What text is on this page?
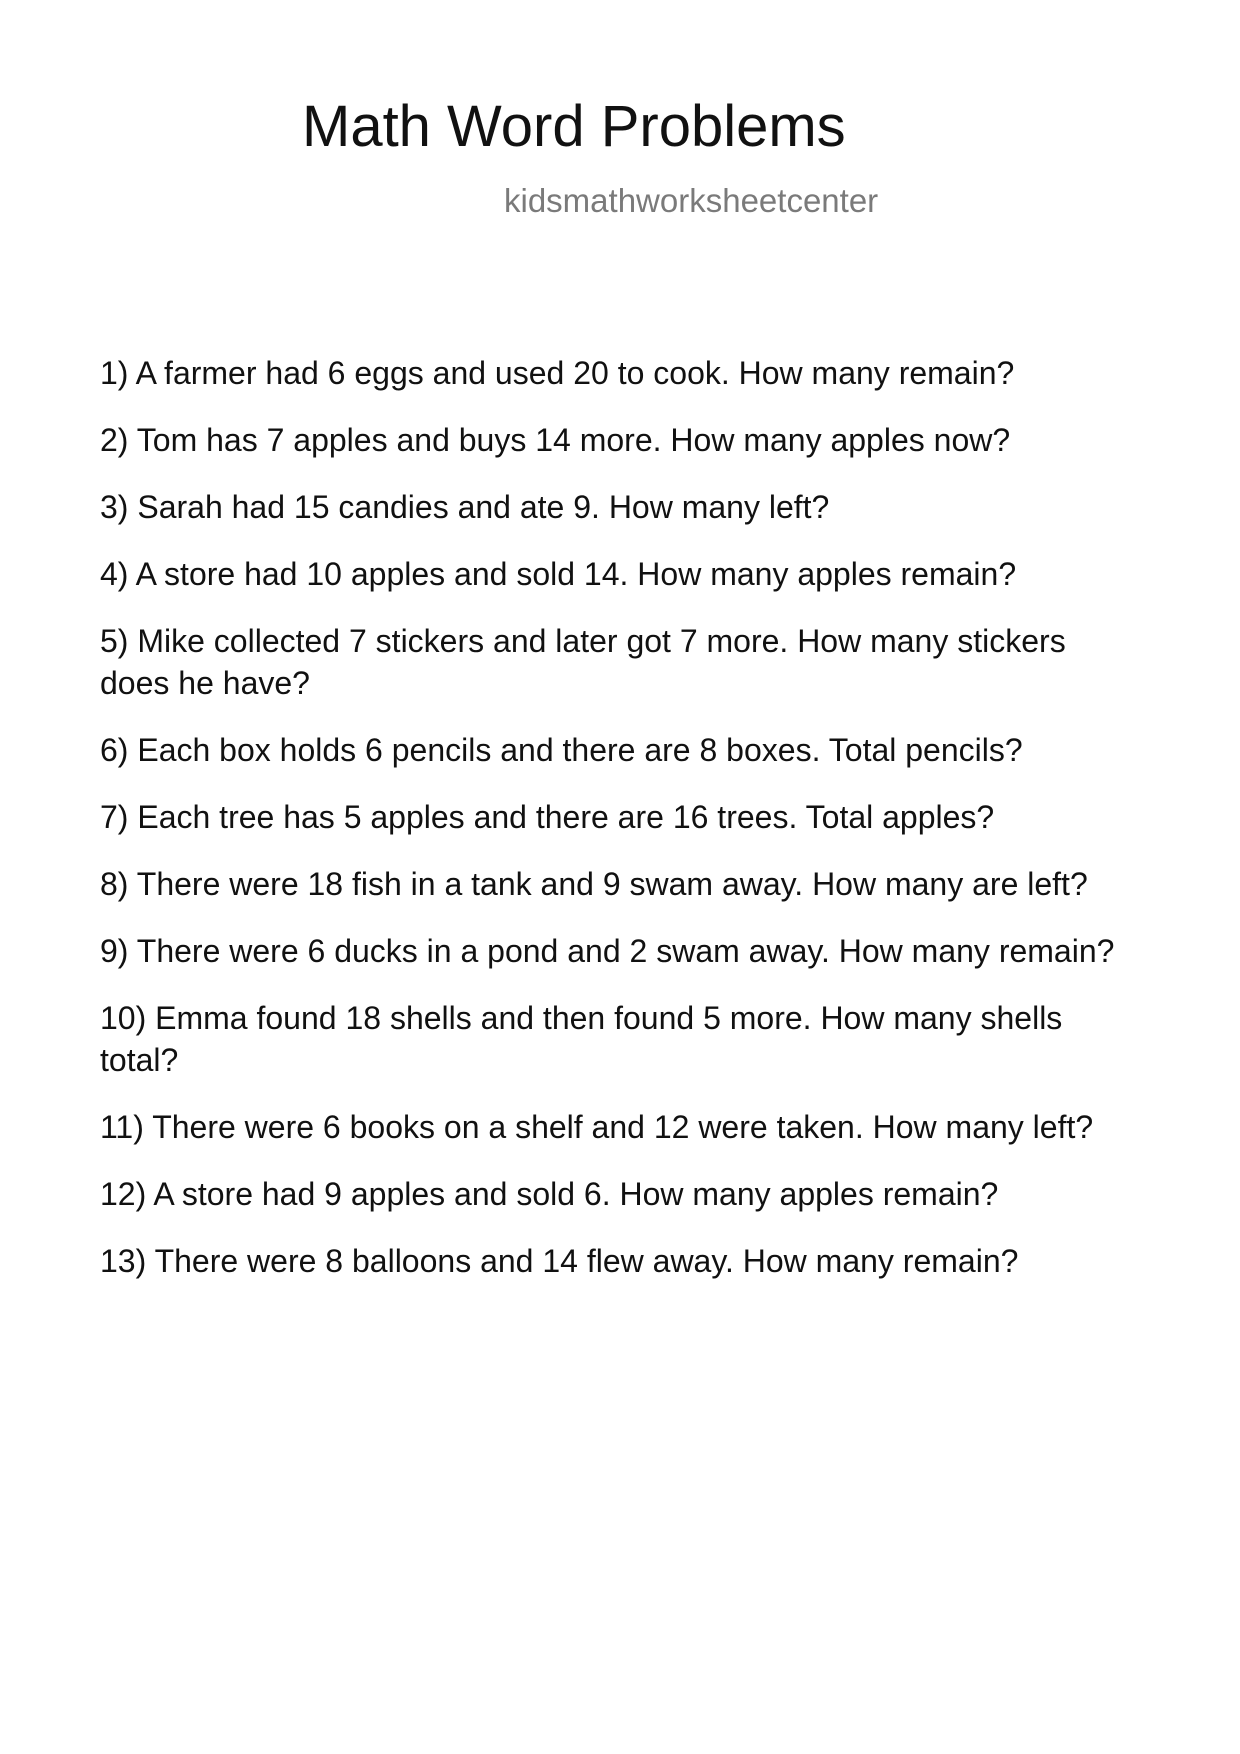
Math Word Problems
kidsmathworksheetcenter
1) A farmer had 6 eggs and used 20 to cook. How many remain?
2) Tom has 7 apples and buys 14 more. How many apples now?
3) Sarah had 15 candies and ate 9. How many left?
4) A store had 10 apples and sold 14. How many apples remain?
5) Mike collected 7 stickers and later got 7 more. How many stickers does he have?
6) Each box holds 6 pencils and there are 8 boxes. Total pencils?
7) Each tree has 5 apples and there are 16 trees. Total apples?
8) There were 18 fish in a tank and 9 swam away. How many are left?
9) There were 6 ducks in a pond and 2 swam away. How many remain?
10) Emma found 18 shells and then found 5 more. How many shells total?
11) There were 6 books on a shelf and 12 were taken. How many left?
12) A store had 9 apples and sold 6. How many apples remain?
13) There were 8 balloons and 14 flew away. How many remain?
